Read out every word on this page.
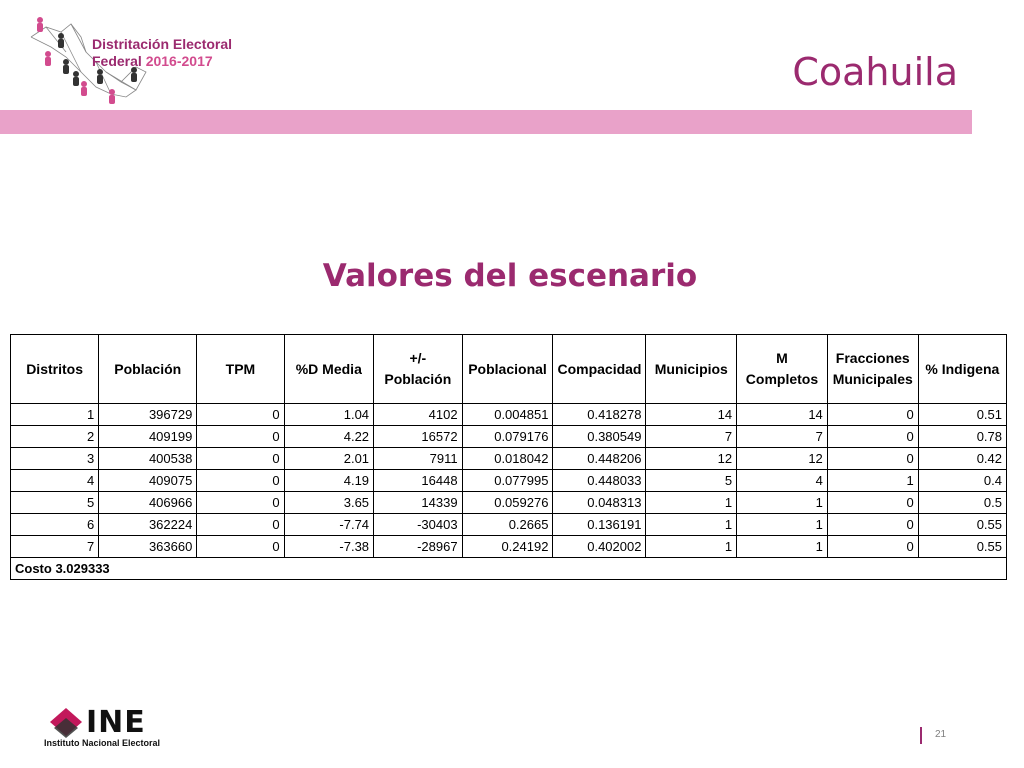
Distritación Electoral
Federal 2016-2017	Coahuila
Valores del escenario
Distritos	Población	TPM	%D Media	+/- Población	Poblacional	Compacidad	Municipios	M Completos	Fracciones Municipales	% Indigena
1	396729	0	1.04	4102	0.004851	0.418278	14	14	0	0.51
2	409199	0	4.22	16572	0.079176	0.380549	7	7	0	0.78
3	400538	0	2.01	7911	0.018042	0.448206	12	12	0	0.42
4	409075	0	4.19	16448	0.077995	0.448033	5	4	1	0.4
5	406966	0	3.65	14339	0.059276	0.048313	1	1	0	0.5
6	362224	0	-7.74	-30403	0.2665	0.136191	1	1	0	0.55
7	363660	0	-7.38	-28967	0.24192	0.402002	1	1	0	0.55
Costo 3.029333										
INE
Instituto Nacional Electoral
21
